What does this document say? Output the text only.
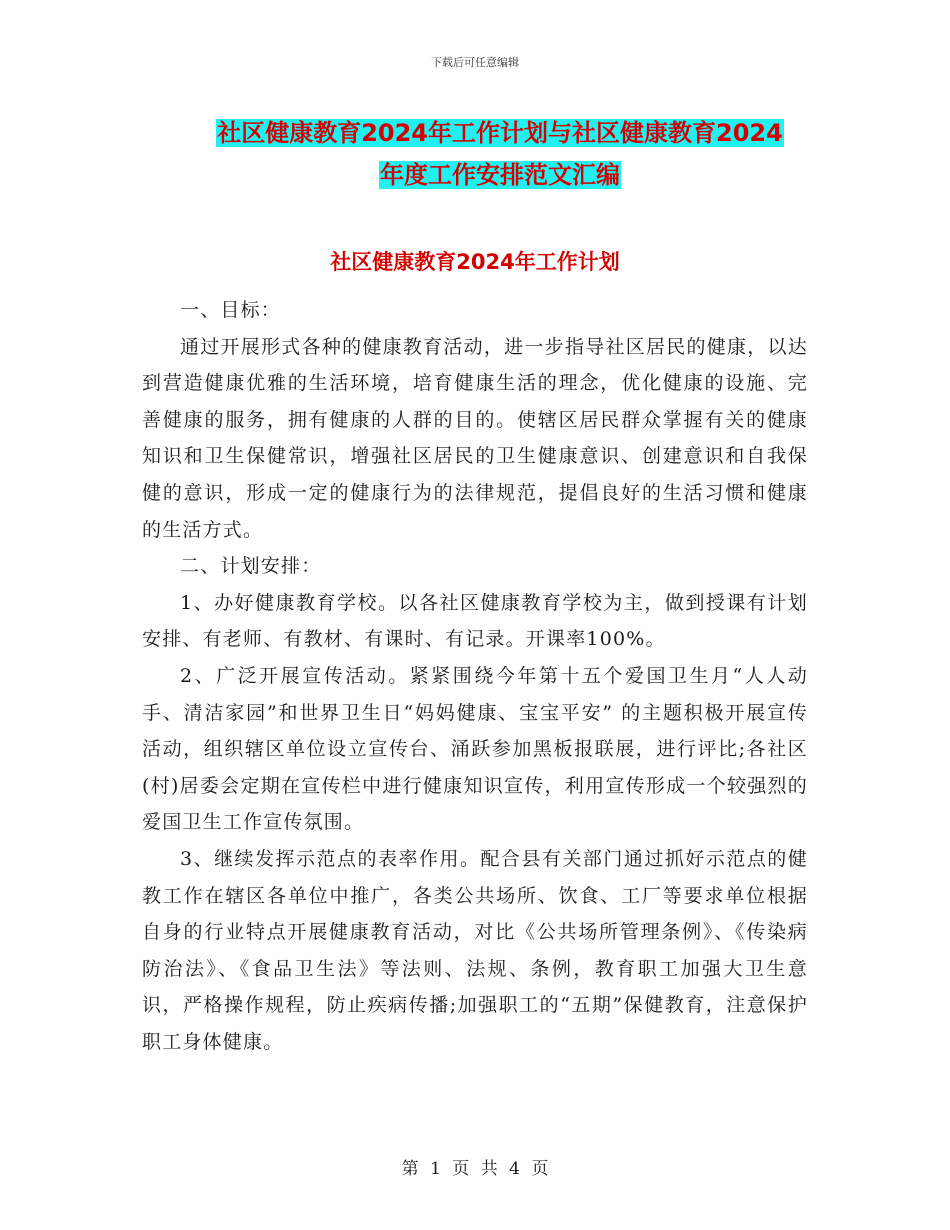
下载后可任意编辑
社区健康教育2024年工作计划与社区健康教育2024
年度工作安排范文汇编
社区健康教育2024年工作计划

一、目标：

通过开展形式各种的健康教育活动，进一步指导社区居民的健康，以达到营造健康优雅的生活环境，培育健康生活的理念，优化健康的设施、完善健康的服务，拥有健康的人群的目的。使辖区居民群众掌握有关的健康知识和卫生保健常识，增强社区居民的卫生健康意识、创建意识和自我保健的意识，形成一定的健康行为的法律规范，提倡良好的生活习惯和健康的生活方式。

二、计划安排：

1、办好健康教育学校。以各社区健康教育学校为主，做到授课有计划安排、有老师、有教材、有课时、有记录。开课率100%。

2、广泛开展宣传活动。紧紧围绕今年第十五个爱国卫生月“人人动手、清洁家园”和世界卫生日“妈妈健康、宝宝平安” 的主题积极开展宣传活动，组织辖区单位设立宣传台、涌跃参加黑板报联展，进行评比;各社区(村)居委会定期在宣传栏中进行健康知识宣传，利用宣传形成一个较强烈的爱国卫生工作宣传氛围。

3、继续发挥示范点的表率作用。配合县有关部门通过抓好示范点的健教工作在辖区各单位中推广，各类公共场所、饮食、工厂等要求单位根据自身的行业特点开展健康教育活动，对比《公共场所管理条例》、《传染病防治法》、《食品卫生法》等法则、法规、条例，教育职工加强大卫生意识，严格操作规程，防止疾病传播;加强职工的“五期”保健教育，注意保护职工身体健康。

第 1 页 共 4 页
